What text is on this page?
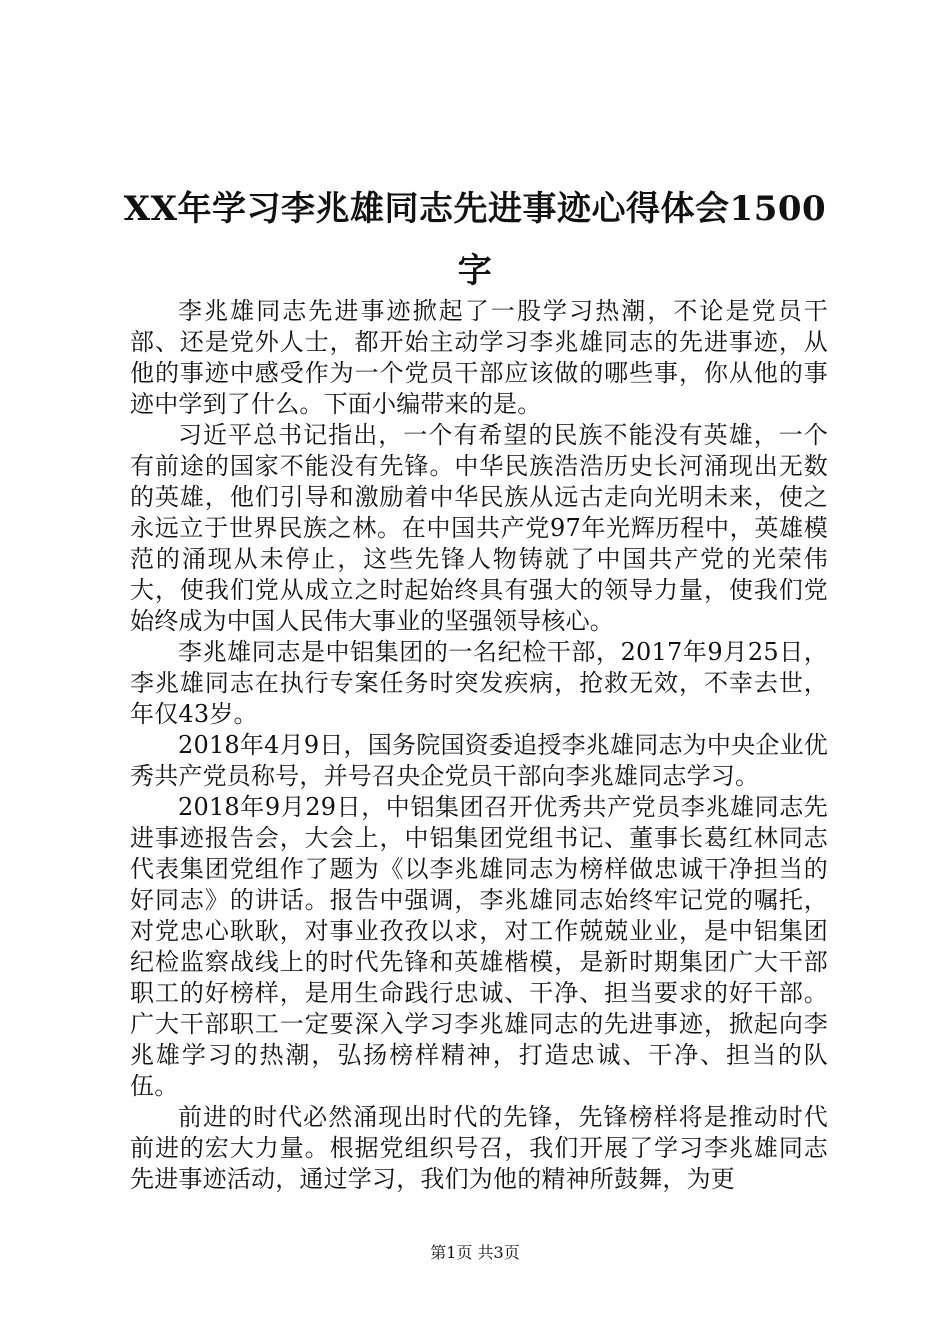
XX年学习李兆雄同志先进事迹心得体会1500字

李兆雄同志先进事迹掀起了一股学习热潮，不论是党员干部、还是党外人士，都开始主动学习李兆雄同志的先进事迹，从他的事迹中感受作为一个党员干部应该做的哪些事，你从他的事迹中学到了什么。下面小编带来的是。

习近平总书记指出，一个有希望的民族不能没有英雄，一个有前途的国家不能没有先锋。中华民族浩浩历史长河涌现出无数的英雄，他们引导和激励着中华民族从远古走向光明未来，使之永远立于世界民族之林。在中国共产党97年光辉历程中，英雄模范的涌现从未停止，这些先锋人物铸就了中国共产党的光荣伟大，使我们党从成立之时起始终具有强大的领导力量，使我们党始终成为中国人民伟大事业的坚强领导核心。

李兆雄同志是中铝集团的一名纪检干部，2017年9月25日，李兆雄同志在执行专案任务时突发疾病，抢救无效，不幸去世，年仅43岁。

2018年4月9日，国务院国资委追授李兆雄同志为中央企业优秀共产党员称号，并号召央企党员干部向李兆雄同志学习。

2018年9月29日，中铝集团召开优秀共产党员李兆雄同志先进事迹报告会，大会上，中铝集团党组书记、董事长葛红林同志代表集团党组作了题为《以李兆雄同志为榜样做忠诚干净担当的好同志》的讲话。报告中强调，李兆雄同志始终牢记党的嘱托，对党忠心耿耿，对事业孜孜以求，对工作兢兢业业，是中铝集团纪检监察战线上的时代先锋和英雄楷模，是新时期集团广大干部职工的好榜样，是用生命践行忠诚、干净、担当要求的好干部。广大干部职工一定要深入学习李兆雄同志的先进事迹，掀起向李兆雄学习的热潮，弘扬榜样精神，打造忠诚、干净、担当的队伍。

前进的时代必然涌现出时代的先锋，先锋榜样将是推动时代前进的宏大力量。根据党组织号召，我们开展了学习李兆雄同志先进事迹活动，通过学习，我们为他的精神所鼓舞，为更

第1页 共3页
